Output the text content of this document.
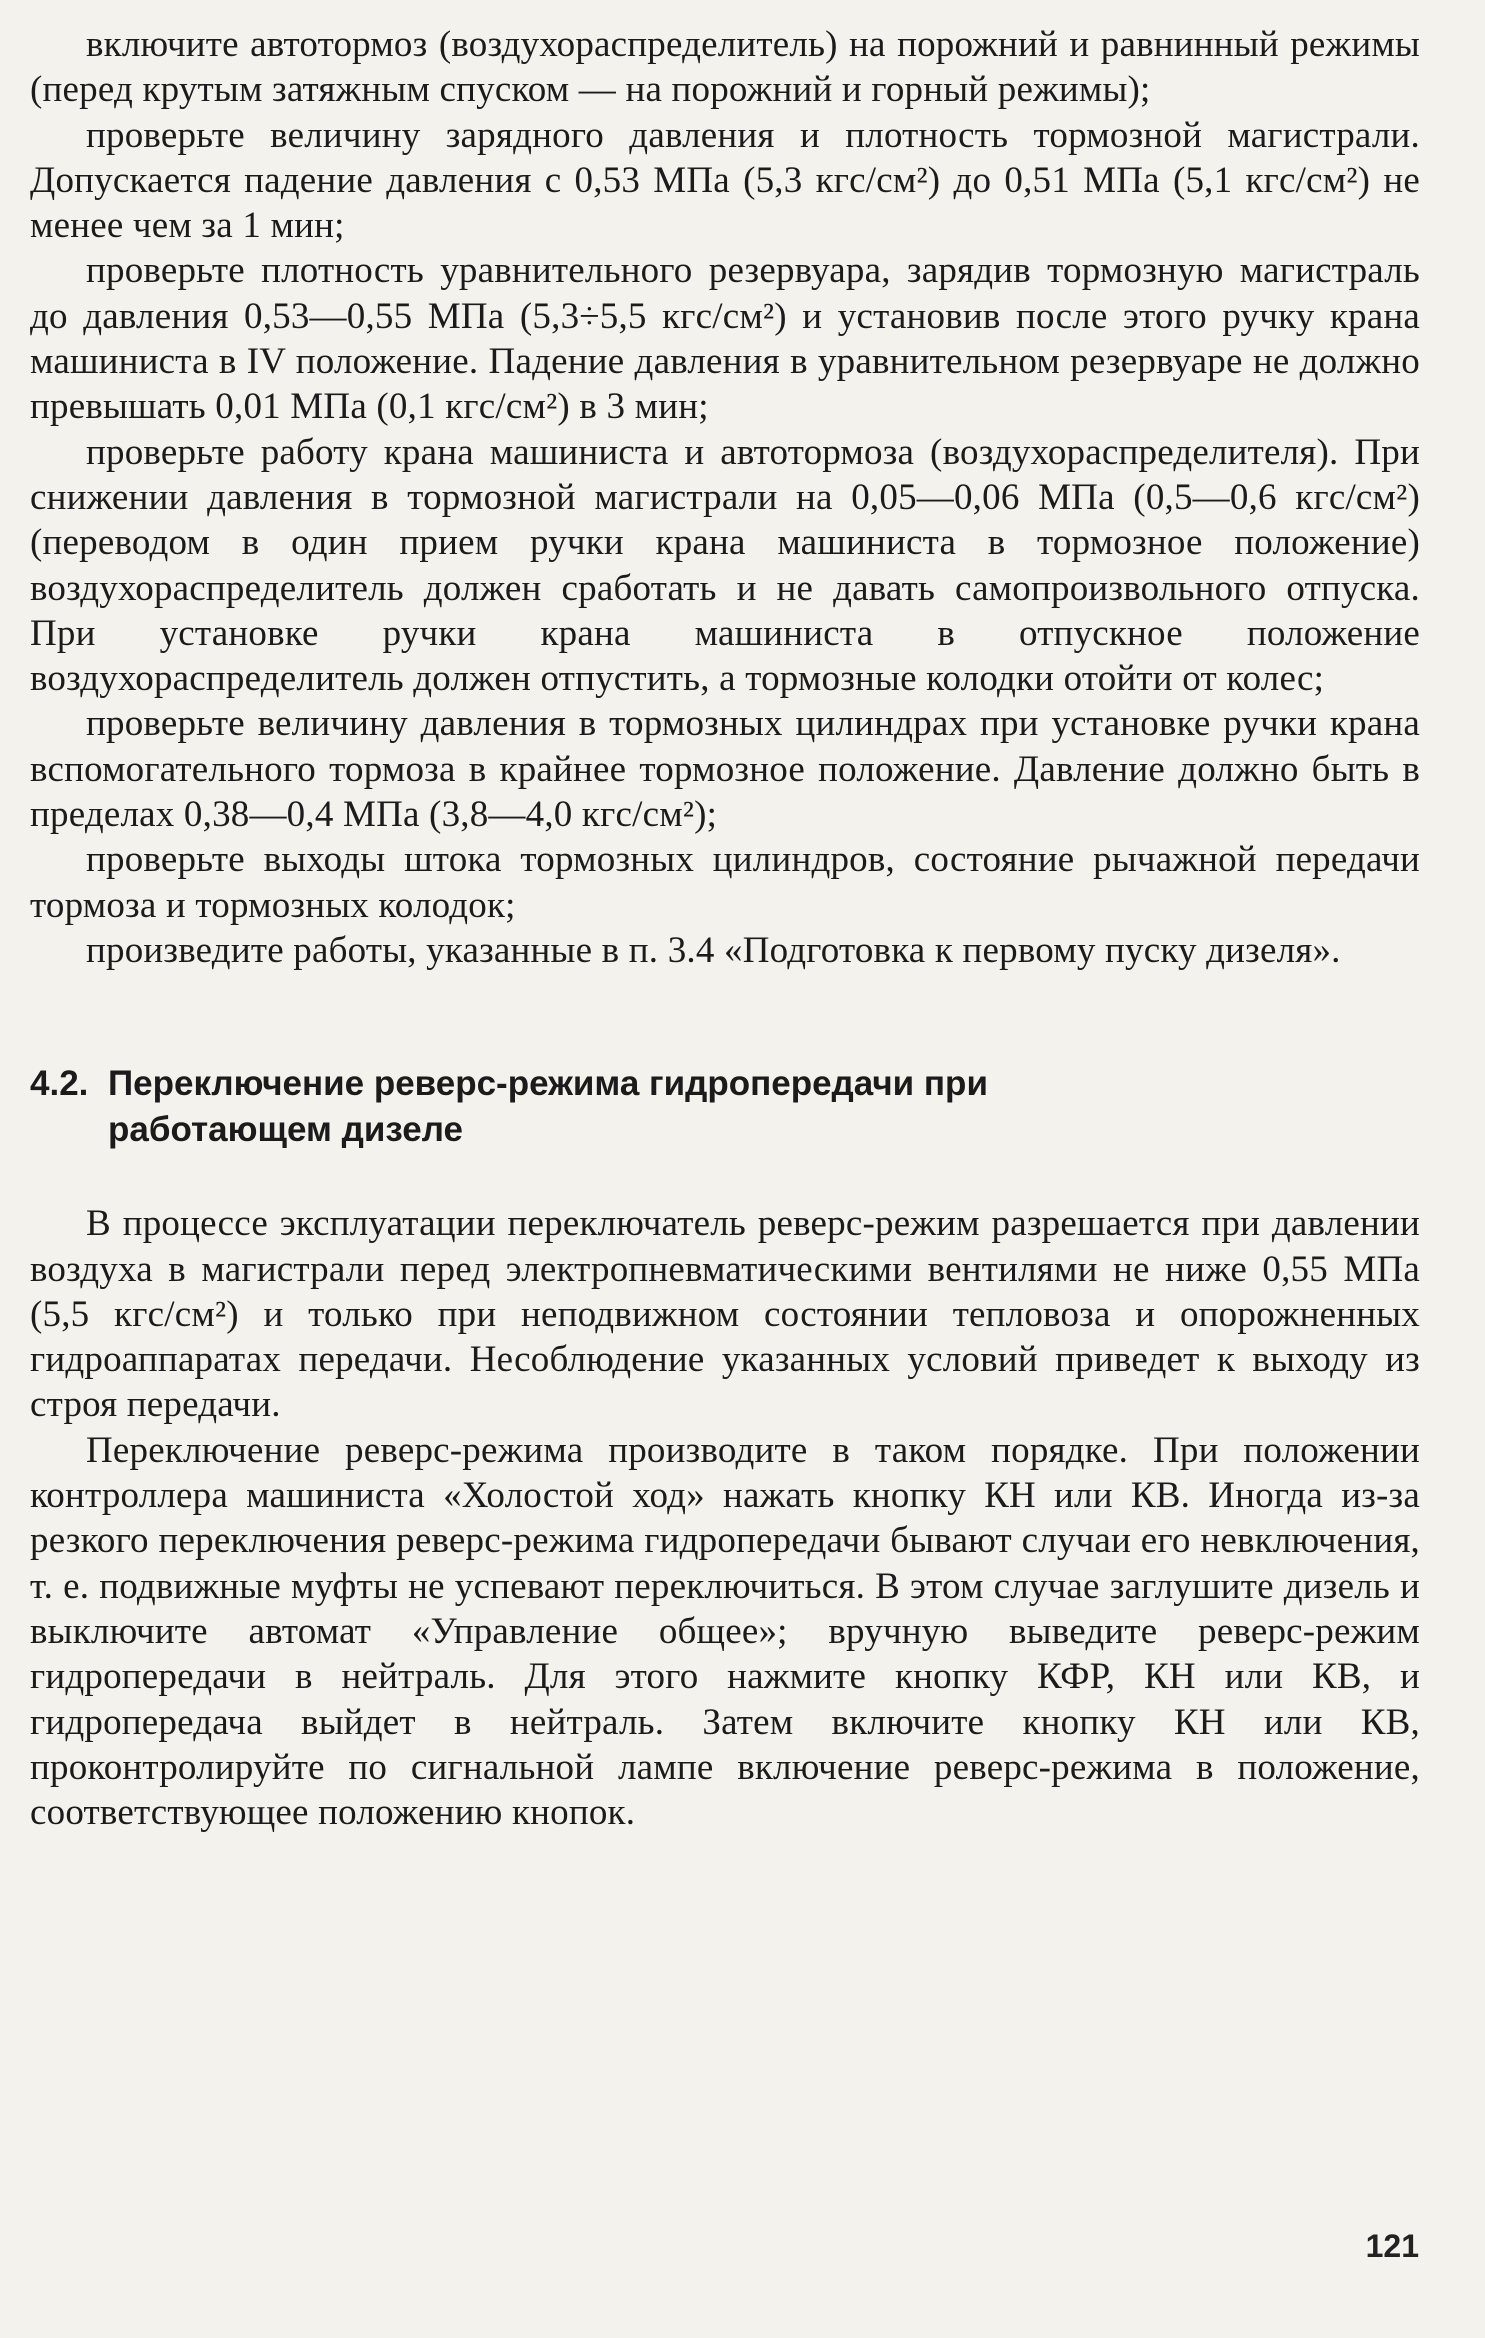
включите автотормоз (воздухораспределитель) на порожний и равнинный режимы (перед крутым затяжным спуском — на порожний и горный режимы);

проверьте величину зарядного давления и плотность тормозной магистрали. Допускается падение давления с 0,53 МПа (5,3 кгс/см²) до 0,51 МПа (5,1 кгс/см²) не менее чем за 1 мин;

проверьте плотность уравнительного резервуара, зарядив тормозную магистраль до давления 0,53—0,55 МПа (5,3÷5,5 кгс/см²) и установив после этого ручку крана машиниста в IV положение. Падение давления в уравнительном резервуаре не должно превышать 0,01 МПа (0,1 кгс/см²) в 3 мин;

проверьте работу крана машиниста и автотормоза (воздухораспределителя). При снижении давления в тормозной магистрали на 0,05—0,06 МПа (0,5—0,6 кгс/см²) (переводом в один прием ручки крана машиниста в тормозное положение) воздухораспределитель должен сработать и не давать самопроизвольного отпуска. При установке ручки крана машиниста в отпускное положение воздухораспределитель должен отпустить, а тормозные колодки отойти от колес;

проверьте величину давления в тормозных цилиндрах при установке ручки крана вспомогательного тормоза в крайнее тормозное положение. Давление должно быть в пределах 0,38—0,4 МПа (3,8—4,0 кгс/см²);

проверьте выходы штока тормозных цилиндров, состояние рычажной передачи тормоза и тормозных колодок;

произведите работы, указанные в п. 3.4 «Подготовка к первому пуску дизеля».

4.2. Переключение реверс-режима гидропередачи при работающем дизеле

В процессе эксплуатации переключатель реверс-режим разрешается при давлении воздуха в магистрали перед электропневматическими вентилями не ниже 0,55 МПа (5,5 кгс/см²) и только при неподвижном состоянии тепловоза и опорожненных гидроаппаратах передачи. Несоблюдение указанных условий приведет к выходу из строя передачи.

Переключение реверс-режима производите в таком порядке. При положении контроллера машиниста «Холостой ход» нажать кнопку КН или КВ. Иногда из-за резкого переключения реверс-режима гидропередачи бывают случаи его невключения, т. е. подвижные муфты не успевают переключиться. В этом случае заглушите дизель и выключите автомат «Управление общее»; вручную выведите реверс-режим гидропередачи в нейтраль. Для этого нажмите кнопку КФР, КН или КВ, и гидропередача выйдет в нейтраль. Затем включите кнопку КН или КВ, проконтролируйте по сигнальной лампе включение реверс-режима в положение, соответствующее положению кнопок.

121
